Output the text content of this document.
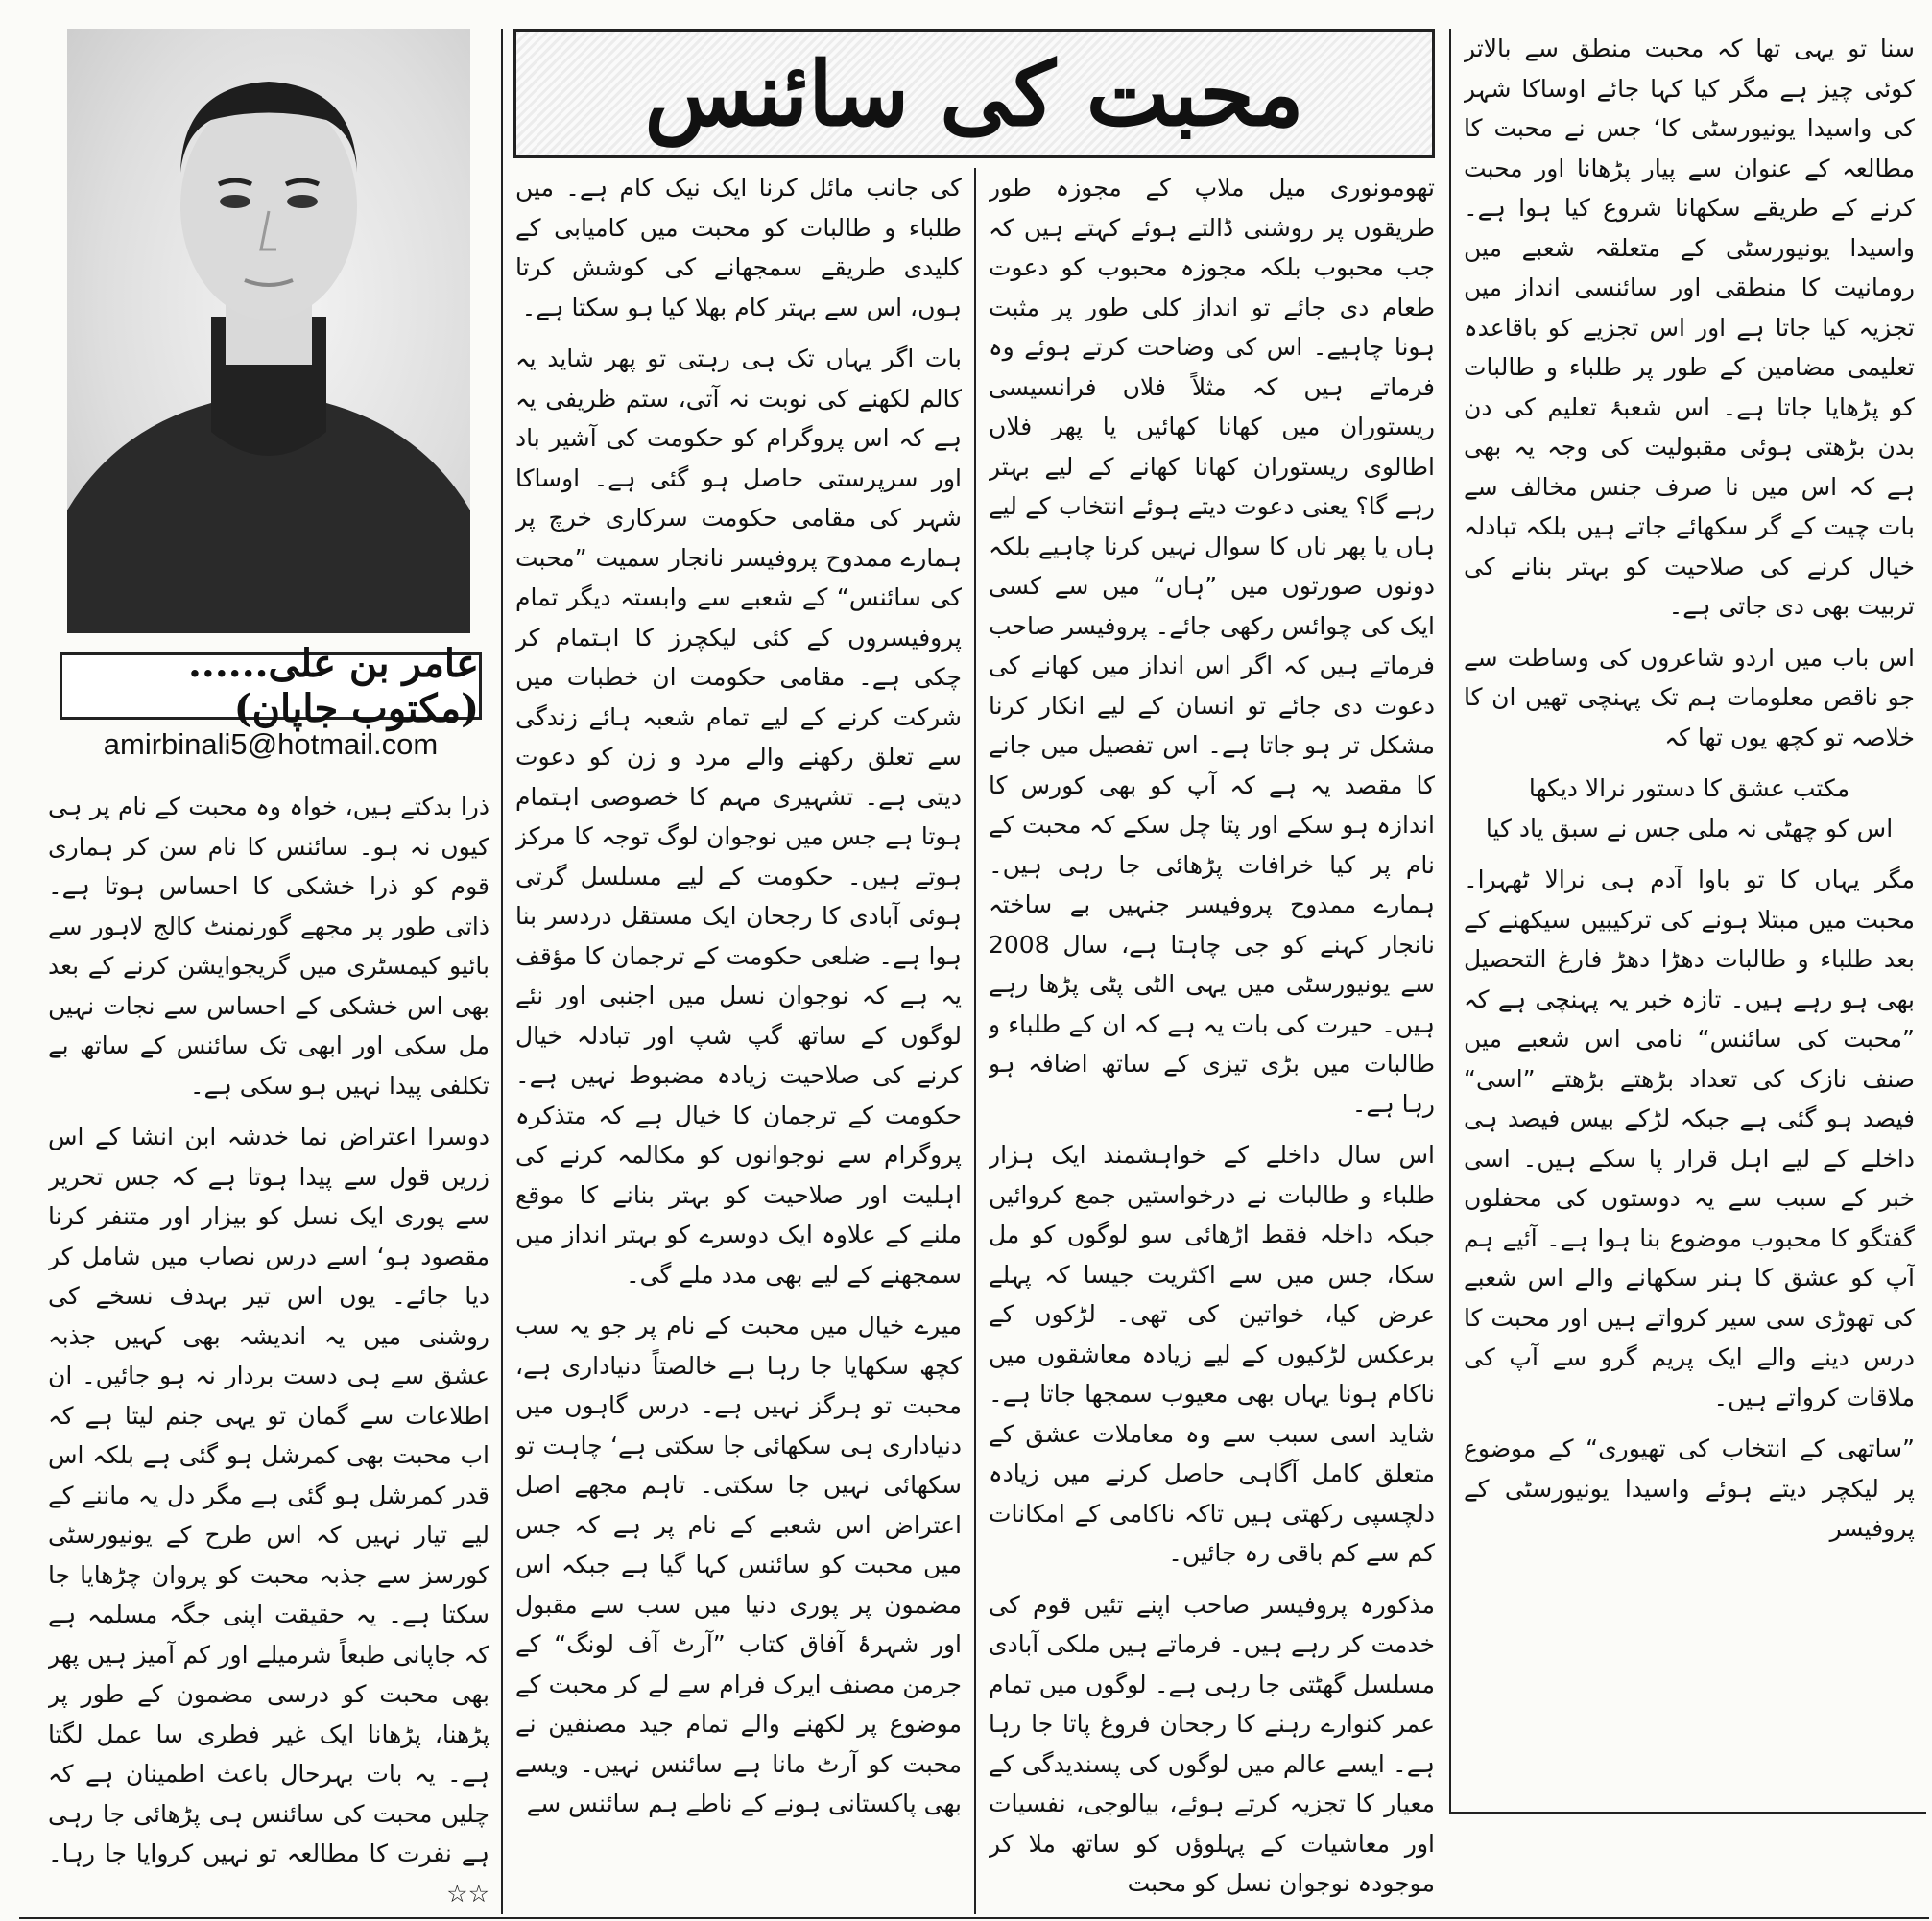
محبت کی سائنس
عامر بن علی......(مکتوب جاپان)
amirbinali5@hotmail.com

سنا تو یہی تھا کہ محبت منطق سے بالاتر کوئی چیز ہے مگر کیا کہا جائے اوساکا شہر کی واسیدا یونیورسٹی کا‘ جس نے محبت کا مطالعہ کے عنوان سے پیار پڑھانا اور محبت کرنے کے طریقے سکھانا شروع کیا ہوا ہے۔ واسیدا یونیورسٹی کے متعلقہ شعبے میں رومانیت کا منطقی اور سائنسی انداز میں تجزیہ کیا جاتا ہے اور اس تجزیے کو باقاعدہ تعلیمی مضامین کے طور پر طلباء و طالبات کو پڑھایا جاتا ہے۔ اس شعبۂ تعلیم کی دن بدن بڑھتی ہوئی مقبولیت کی وجہ یہ بھی ہے کہ اس میں نا صرف جنس مخالف سے بات چیت کے گر سکھائے جاتے ہیں بلکہ تبادلہ خیال کرنے کی صلاحیت کو بہتر بنانے کی تربیت بھی دی جاتی ہے۔

اس باب میں اردو شاعروں کی وساطت سے جو ناقص معلومات ہم تک پہنچی تھیں ان کا خلاصہ تو کچھ یوں تھا کہ

مکتب عشق کا دستور نرالا دیکھا

اس کو چھٹی نہ ملی جس نے سبق یاد کیا

مگر یہاں کا تو باوا آدم ہی نرالا ٹھہرا۔ محبت میں مبتلا ہونے کی ترکیبیں سیکھنے کے بعد طلباء و طالبات دھڑا دھڑ فارغ التحصیل بھی ہو رہے ہیں۔ تازہ خبر یہ پہنچی ہے کہ ”محبت کی سائنس“ نامی اس شعبے میں صنف نازک کی تعداد بڑھتے بڑھتے ”اسی“ فیصد ہو گئی ہے جبکہ لڑکے بیس فیصد ہی داخلے کے لیے اہل قرار پا سکے ہیں۔ اسی خبر کے سبب سے یہ دوستوں کی محفلوں گفتگو کا محبوب موضوع بنا ہوا ہے۔ آئیے ہم آپ کو عشق کا ہنر سکھانے والے اس شعبے کی تھوڑی سی سیر کرواتے ہیں اور محبت کا درس دینے والے ایک پریم گرو سے آپ کی ملاقات کرواتے ہیں۔

”ساتھی کے انتخاب کی تھیوری“ کے موضوع پر لیکچر دیتے ہوئے واسیدا یونیورسٹی کے پروفیسر

تھومونوری میل ملاپ کے مجوزہ طور طریقوں پر روشنی ڈالتے ہوئے کہتے ہیں کہ جب محبوب بلکہ مجوزہ محبوب کو دعوت طعام دی جائے تو انداز کلی طور پر مثبت ہونا چاہیے۔ اس کی وضاحت کرتے ہوئے وہ فرماتے ہیں کہ مثلاً فلاں فرانسیسی ریستوران میں کھانا کھائیں یا پھر فلاں اطالوی ریستوران کھانا کھانے کے لیے بہتر رہے گا؟ یعنی دعوت دیتے ہوئے انتخاب کے لیے ہاں یا پھر ناں کا سوال نہیں کرنا چاہیے بلکہ دونوں صورتوں میں ”ہاں“ میں سے کسی ایک کی چوائس رکھی جائے۔ پروفیسر صاحب فرماتے ہیں کہ اگر اس انداز میں کھانے کی دعوت دی جائے تو انسان کے لیے انکار کرنا مشکل تر ہو جاتا ہے۔ اس تفصیل میں جانے کا مقصد یہ ہے کہ آپ کو بھی کورس کا اندازہ ہو سکے اور پتا چل سکے کہ محبت کے نام پر کیا خرافات پڑھائی جا رہی ہیں۔ ہمارے ممدوح پروفیسر جنہیں بے ساختہ نانجار کہنے کو جی چاہتا ہے، سال 2008 سے یونیورسٹی میں یہی الٹی پٹی پڑھا رہے ہیں۔ حیرت کی بات یہ ہے کہ ان کے طلباء و طالبات میں بڑی تیزی کے ساتھ اضافہ ہو رہا ہے۔

اس سال داخلے کے خواہشمند ایک ہزار طلباء و طالبات نے درخواستیں جمع کروائیں جبکہ داخلہ فقط اڑھائی سو لوگوں کو مل سکا، جس میں سے اکثریت جیسا کہ پہلے عرض کیا، خواتین کی تھی۔ لڑکوں کے برعکس لڑکیوں کے لیے زیادہ معاشقوں میں ناکام ہونا یہاں بھی معیوب سمجھا جاتا ہے۔ شاید اسی سبب سے وہ معاملات عشق کے متعلق کامل آگاہی حاصل کرنے میں زیادہ دلچسپی رکھتی ہیں تاکہ ناکامی کے امکانات کم سے کم باقی رہ جائیں۔

مذکورہ پروفیسر صاحب اپنے تئیں قوم کی خدمت کر رہے ہیں۔ فرماتے ہیں ملکی آبادی مسلسل گھٹتی جا رہی ہے۔ لوگوں میں تمام عمر کنوارے رہنے کا رجحان فروغ پاتا جا رہا ہے۔ ایسے عالم میں لوگوں کی پسندیدگی کے معیار کا تجزیہ کرتے ہوئے، بیالوجی، نفسیات اور معاشیات کے پہلوؤں کو ساتھ ملا کر موجودہ نوجوان نسل کو محبت

کی جانب مائل کرنا ایک نیک کام ہے۔ میں طلباء و طالبات کو محبت میں کامیابی کے کلیدی طریقے سمجھانے کی کوشش کرتا ہوں، اس سے بہتر کام بھلا کیا ہو سکتا ہے۔

بات اگر یہاں تک ہی رہتی تو پھر شاید یہ کالم لکھنے کی نوبت نہ آتی، ستم ظریفی یہ ہے کہ اس پروگرام کو حکومت کی آشیر باد اور سرپرستی حاصل ہو گئی ہے۔ اوساکا شہر کی مقامی حکومت سرکاری خرچ پر ہمارے ممدوح پروفیسر نانجار سمیت ”محبت کی سائنس“ کے شعبے سے وابستہ دیگر تمام پروفیسروں کے کئی لیکچرز کا اہتمام کر چکی ہے۔ مقامی حکومت ان خطبات میں شرکت کرنے کے لیے تمام شعبہ ہائے زندگی سے تعلق رکھنے والے مرد و زن کو دعوت دیتی ہے۔ تشہیری مہم کا خصوصی اہتمام ہوتا ہے جس میں نوجوان لوگ توجہ کا مرکز ہوتے ہیں۔ حکومت کے لیے مسلسل گرتی ہوئی آبادی کا رجحان ایک مستقل دردسر بنا ہوا ہے۔ ضلعی حکومت کے ترجمان کا مؤقف یہ ہے کہ نوجوان نسل میں اجنبی اور نئے لوگوں کے ساتھ گپ شپ اور تبادلہ خیال کرنے کی صلاحیت زیادہ مضبوط نہیں ہے۔ حکومت کے ترجمان کا خیال ہے کہ متذکرہ پروگرام سے نوجوانوں کو مکالمہ کرنے کی اہلیت اور صلاحیت کو بہتر بنانے کا موقع ملنے کے علاوہ ایک دوسرے کو بہتر انداز میں سمجھنے کے لیے بھی مدد ملے گی۔

میرے خیال میں محبت کے نام پر جو یہ سب کچھ سکھایا جا رہا ہے خالصتاً دنیاداری ہے، محبت تو ہرگز نہیں ہے۔ درس گاہوں میں دنیاداری ہی سکھائی جا سکتی ہے‘ چاہت تو سکھائی نہیں جا سکتی۔ تاہم مجھے اصل اعتراض اس شعبے کے نام پر ہے کہ جس میں محبت کو سائنس کہا گیا ہے جبکہ اس مضمون پر پوری دنیا میں سب سے مقبول اور شہرۂ آفاق کتاب ”آرٹ آف لونگ“ کے جرمن مصنف ایرک فرام سے لے کر محبت کے موضوع پر لکھنے والے تمام جید مصنفین نے محبت کو آرٹ مانا ہے سائنس نہیں۔ ویسے بھی پاکستانی ہونے کے ناطے ہم سائنس سے

ذرا بدکتے ہیں، خواہ وہ محبت کے نام پر ہی کیوں نہ ہو۔ سائنس کا نام سن کر ہماری قوم کو ذرا خشکی کا احساس ہوتا ہے۔ ذاتی طور پر مجھے گورنمنٹ کالج لاہور سے بائیو کیمسٹری میں گریجوایشن کرنے کے بعد بھی اس خشکی کے احساس سے نجات نہیں مل سکی اور ابھی تک سائنس کے ساتھ بے تکلفی پیدا نہیں ہو سکی ہے۔

دوسرا اعتراض نما خدشہ ابن انشا کے اس زریں قول سے پیدا ہوتا ہے کہ جس تحریر سے پوری ایک نسل کو بیزار اور متنفر کرنا مقصود ہو‘ اسے درس نصاب میں شامل کر دیا جائے۔ یوں اس تیر بہدف نسخے کی روشنی میں یہ اندیشہ بھی کہیں جذبہ عشق سے ہی دست بردار نہ ہو جائیں۔ ان اطلاعات سے گمان تو یہی جنم لیتا ہے کہ اب محبت بھی کمرشل ہو گئی ہے بلکہ اس قدر کمرشل ہو گئی ہے مگر دل یہ ماننے کے لیے تیار نہیں کہ اس طرح کے یونیورسٹی کورسز سے جذبہ محبت کو پروان چڑھایا جا سکتا ہے۔ یہ حقیقت اپنی جگہ مسلمہ ہے کہ جاپانی طبعاً شرمیلے اور کم آمیز ہیں پھر بھی محبت کو درسی مضمون کے طور پر پڑھنا، پڑھانا ایک غیر فطری سا عمل لگتا ہے۔ یہ بات بہرحال باعث اطمینان ہے کہ چلیں محبت کی سائنس ہی پڑھائی جا رہی ہے نفرت کا مطالعہ تو نہیں کروایا جا رہا۔ ☆☆
